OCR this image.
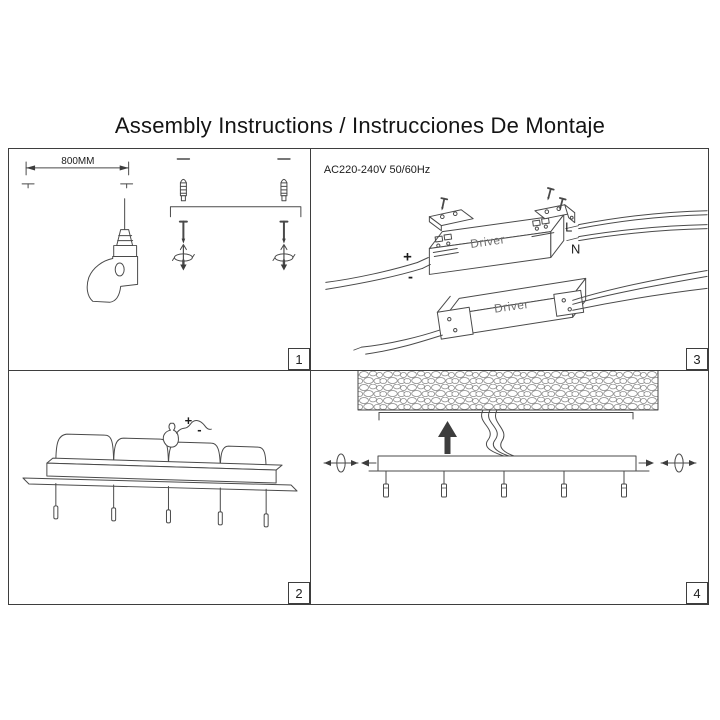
Assembly Instructions / Instrucciones De Montaje
800MM
1
AC220-240V 50/60Hz
Driver
+
-
L
N
Driver
3
+
-
2	4
